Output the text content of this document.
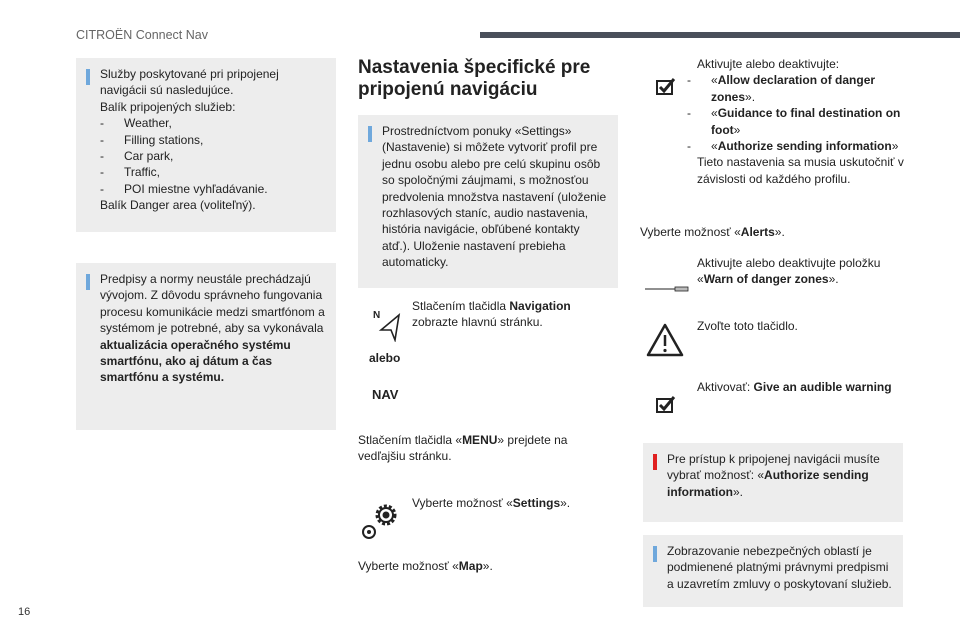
CITROËN Connect Nav
16
Služby poskytované pri pripojenej navigácii sú nasledujúce.
Balík pripojených služieb:
- Weather,
- Filling stations,
- Car park,
- Traffic,
- POI miestne vyhľadávanie.
Balík Danger area (voliteľný).
Predpisy a normy neustále prechádzajú vývojom. Z dôvodu správneho fungovania procesu komunikácie medzi smartfónom a systémom je potrebné, aby sa vykonávala aktualizácia operačného systému smartfónu, ako aj dátum a čas smartfónu a systému.
Nastavenia špecifické pre pripojenú navigáciu
Prostredníctvom ponuky «Settings» (Nastavenie) si môžete vytvoriť profil pre jednu osobu alebo pre celú skupinu osôb so spoločnými záujmami, s možnosťou predvolenia množstva nastavení (uloženie rozhlasových staníc, audio nastavenia, história navigácie, obľúbené kontakty atď.). Uloženie nastavení prebieha automaticky.
N
Stlačením tlačidla Navigation zobrazte hlavnú stránku.
alebo
NAV
Stlačením tlačidla «MENU» prejdete na vedľajšiu stránku.
Vyberte možnosť «Settings».
Vyberte možnosť «Map».
Aktivujte alebo deaktivujte:
- «Allow declaration of danger zones».
- «Guidance to final destination on foot»
- «Authorize sending information»
Tieto nastavenia sa musia uskutočniť v závislosti od každého profilu.
Vyberte možnosť «Alerts».
Aktivujte alebo deaktivujte položku «Warn of danger zones».
Zvoľte toto tlačidlo.
Aktivovať: Give an audible warning
Pre prístup k pripojenej navigácii musíte vybrať možnosť: «Authorize sending information».
Zobrazovanie nebezpečných oblastí je podmienené platnými právnymi predpismi a uzavretím zmluvy o poskytovaní služieb.
